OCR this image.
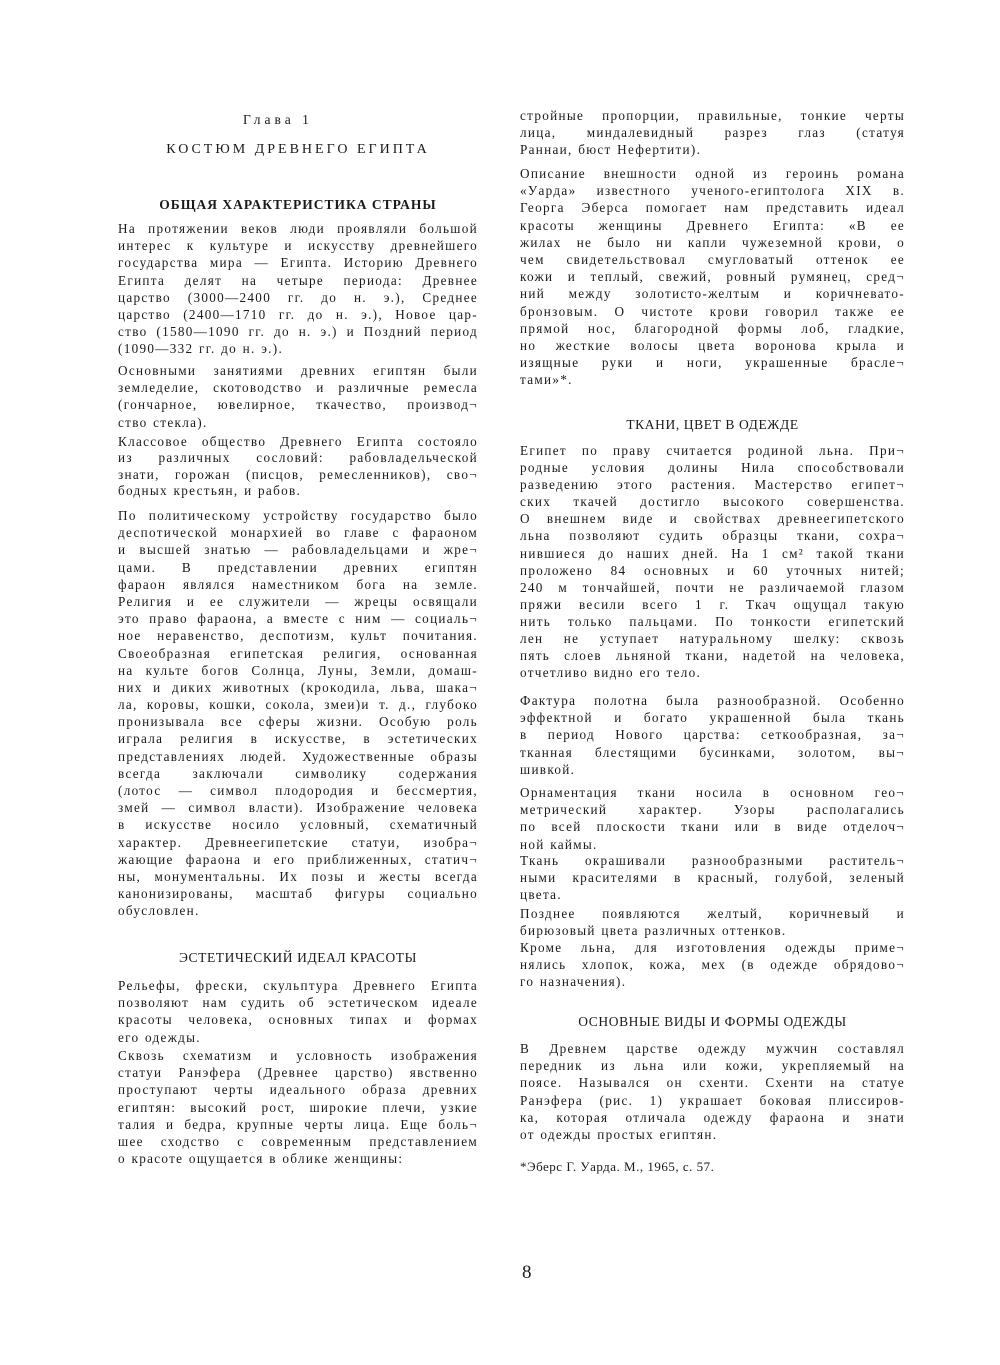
Глава 1
КОСТЮМ ДРЕВНЕГО ЕГИПТА
ОБЩАЯ ХАРАКТЕРИСТИКА СТРАНЫ
На протяжении веков люди проявляли большой
интерес к культуре и искусству древнейшего
государства мира — Египта. Историю Древнего
Египта делят на четыре периода: Древнее
царство (3000—2400 гг. до н. э.), Среднее
царство (2400—1710 гг. до н. э.), Новое цар-
ство (1580—1090 гг. до н. э.) и Поздний период
(1090—332 гг. до н. э.).
Основными занятиями древних египтян были
земледелие, скотоводство и различные ремесла
(гончарное, ювелирное, ткачество, производ¬
ство стекла).
Классовое общество Древнего Египта состояло
из различных сословий: рабовладельческой
знати, горожан (писцов, ремесленников), сво¬
бодных крестьян, и рабов.
По политическому устройству государство было
деспотической монархией во главе с фараоном
и высшей знатью — рабовладельцами и жре¬
цами. В представлении древних египтян
фараон являлся наместником бога на земле.
Религия и ее служители — жрецы освящали
это право фараона, а вместе с ним — социаль¬
ное неравенство, деспотизм, культ почитания.
Своеобразная египетская религия, основанная
на культе богов Солнца, Луны, Земли, домаш-
них и диких животных (крокодила, льва, шака¬
ла, коровы, кошки, сокола, змеи)и т. д., глубоко
пронизывала все сферы жизни. Особую роль
играла религия в искусстве, в эстетических
представлениях людей. Художественные образы
всегда заключали символику содержания
(лотос — символ плодородия и бессмертия,
змей — символ власти). Изображение человека
в искусстве носило условный, схематичный
характер. Древнеегипетские статуи, изобра¬
жающие фараона и его приближенных, статич¬
ны, монументальны. Их позы и жесты всегда
канонизированы, масштаб фигуры социально
обусловлен.
ЭСТЕТИЧЕСКИЙ ИДЕАЛ КРАСОТЫ
Рельефы, фрески, скульптура Древнего Египта
позволяют нам судить об эстетическом идеале
красоты человека, основных типах и формах
его одежды.
Сквозь схематизм и условность изображения
статуи Ранэфера (Древнее царство) явственно
проступают черты идеального образа древних
египтян: высокий рост, широкие плечи, узкие
талия и бедра, крупные черты лица. Еще боль¬
шее сходство с современным представлением
о красоте ощущается в облике женщины:
стройные пропорции, правильные, тонкие черты
лица, миндалевидный разрез глаз (статуя
Раннаи, бюст Нефертити).
Описание внешности одной из героинь романа
«Уарда» известного ученого-египтолога XIX в.
Георга Эберса помогает нам представить идеал
красоты женщины Древнего Египта: «В ее
жилах не было ни капли чужеземной крови, о
чем свидетельствовал смугловатый оттенок ее
кожи и теплый, свежий, ровный румянец, сред¬
ний между золотисто-желтым и коричневато-
бронзовым. О чистоте крови говорил также ее
прямой нос, благородной формы лоб, гладкие,
но жесткие волосы цвета воронова крыла и
изящные руки и ноги, украшенные брасле¬
тами»*.
ТКАНИ, ЦВЕТ В ОДЕЖДЕ
Египет по праву считается родиной льна. При¬
родные условия долины Нила способствовали
разведению этого растения. Мастерство египет¬
ских ткачей достигло высокого совершенства.
О внешнем виде и свойствах древнеегипетского
льна позволяют судить образцы ткани, сохра¬
нившиеся до наших дней. На 1 см² такой ткани
проложено 84 основных и 60 уточных нитей;
240 м тончайшей, почти не различаемой глазом
пряжи весили всего 1 г. Ткач ощущал такую
нить только пальцами. По тонкости египетский
лен не уступает натуральному шелку: сквозь
пять слоев льняной ткани, надетой на человека,
отчетливо видно его тело.
Фактура полотна была разнообразной. Особенно
эффектной и богато украшенной была ткань
в период Нового царства: сеткообразная, за¬
тканная блестящими бусинками, золотом, вы¬
шивкой.
Орнаментация ткани носила в основном гео¬
метрический характер. Узоры располагались
по всей плоскости ткани или в виде отделоч¬
ной каймы.
Ткань окрашивали разнообразными раститель¬
ными красителями в красный, голубой, зеленый
цвета.
Позднее появляются желтый, коричневый и
бирюзовый цвета различных оттенков.
Кроме льна, для изготовления одежды приме¬
нялись хлопок, кожа, мех (в одежде обрядово¬
го назначения).
ОСНОВНЫЕ ВИДЫ И ФОРМЫ ОДЕЖДЫ
В Древнем царстве одежду мужчин составлял
передник из льна или кожи, укрепляемый на
поясе. Назывался он схенти. Схенти на статуе
Ранэфера (рис. 1) украшает боковая плиссиров-
ка, которая отличала одежду фараона и знати
от одежды простых египтян.
*Эберс Г. Уарда. М., 1965, с. 57.
8
